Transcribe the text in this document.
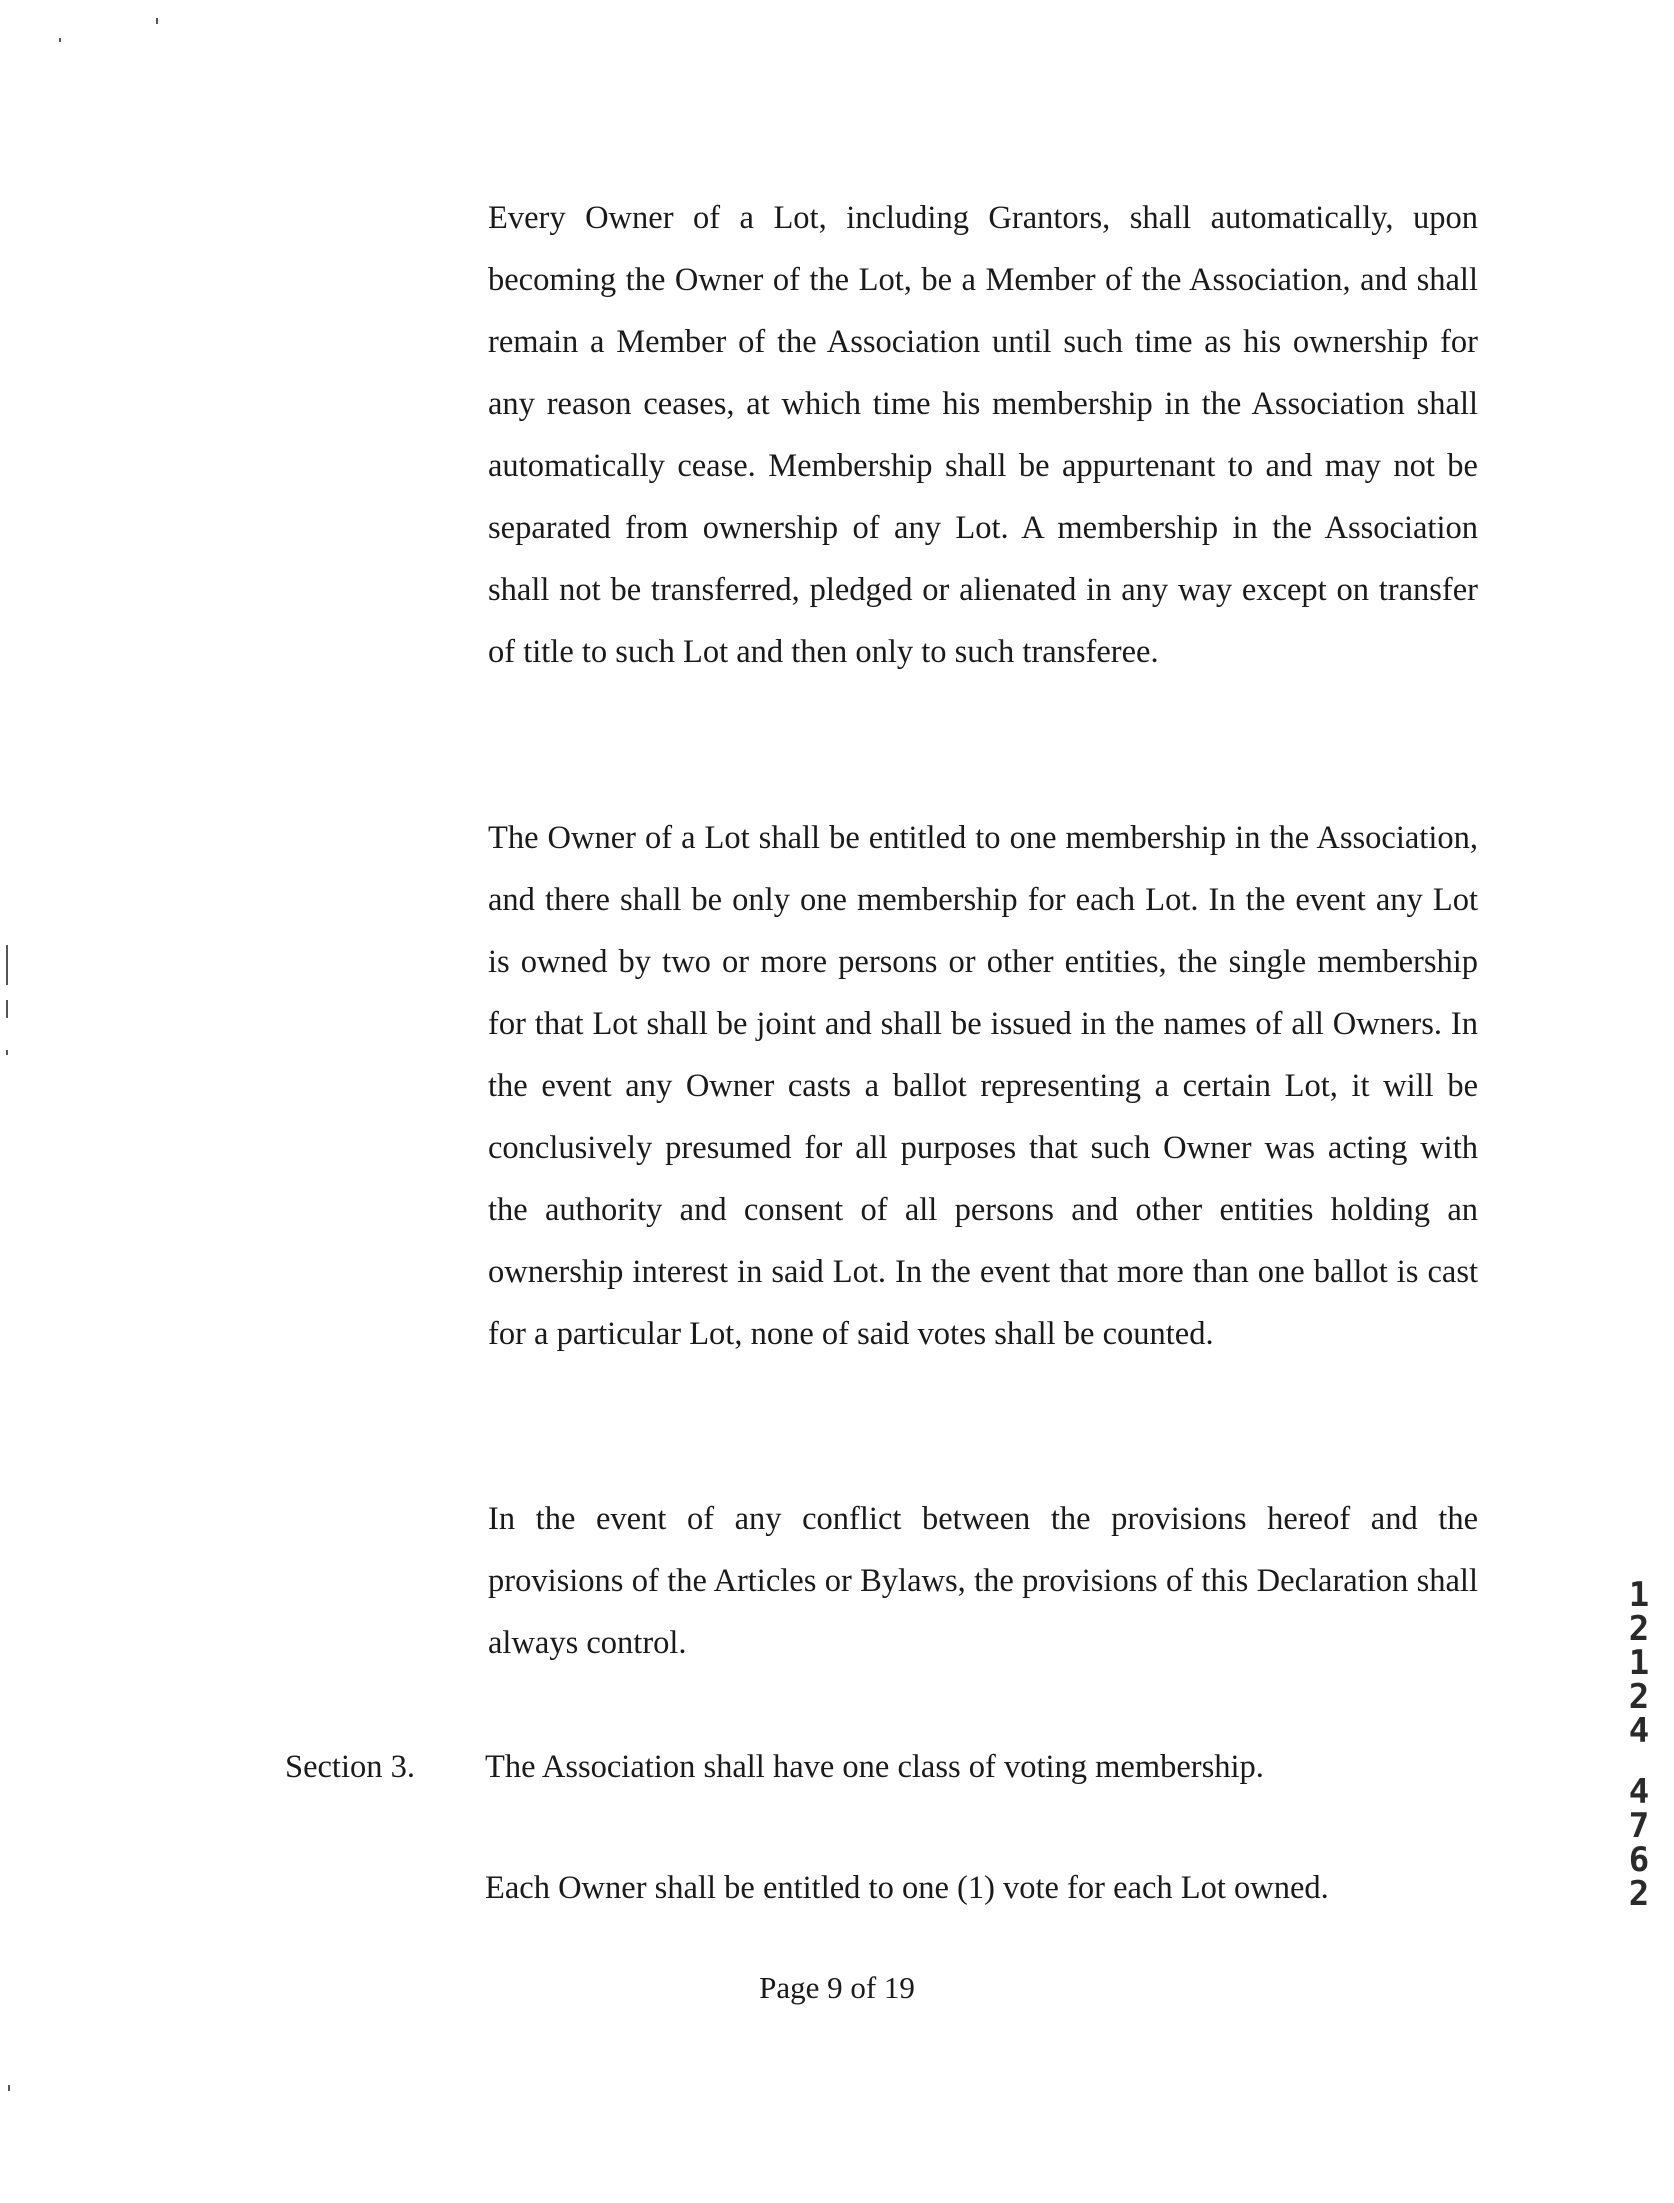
Every Owner of a Lot, including Grantors, shall automatically, upon becoming the Owner of the Lot, be a Member of the Association, and shall remain a Member of the Association until such time as his ownership for any reason ceases, at which time his membership in the Association shall automatically cease. Membership shall be appurtenant to and may not be separated from ownership of any Lot. A membership in the Association shall not be transferred, pledged or alienated in any way except on transfer of title to such Lot and then only to such transferee.

The Owner of a Lot shall be entitled to one membership in the Association, and there shall be only one membership for each Lot. In the event any Lot is owned by two or more persons or other entities, the single membership for that Lot shall be joint and shall be issued in the names of all Owners. In the event any Owner casts a ballot representing a certain Lot, it will be conclusively presumed for all purposes that such Owner was acting with the authority and consent of all persons and other entities holding an ownership interest in said Lot. In the event that more than one ballot is cast for a particular Lot, none of said votes shall be counted.

In the event of any conflict between the provisions hereof and the provisions of the Articles or Bylaws, the provisions of this Declaration shall always control.

Section 3. The Association shall have one class of voting membership.

Each Owner shall be entitled to one (1) vote for each Lot owned.

Page 9 of 19

1
2
1
2
4
4
7
6
2
